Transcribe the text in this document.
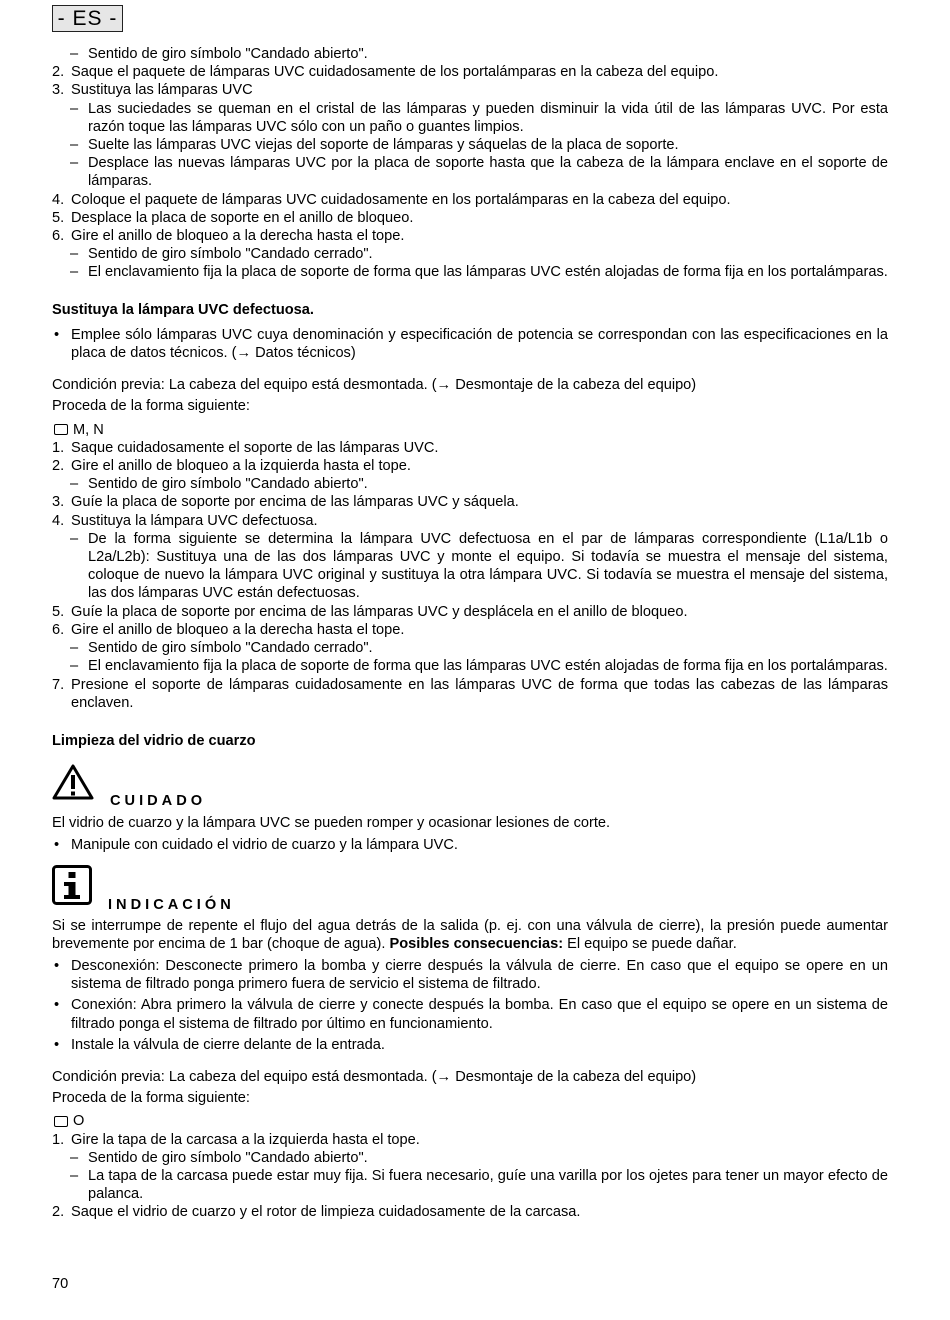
- ES -
– Sentido de giro símbolo "Candado abierto".
2. Saque el paquete de lámparas UVC cuidadosamente de los portalámparas en la cabeza del equipo.
3. Sustituya las lámparas UVC
– Las suciedades se queman en el cristal de las lámparas y pueden disminuir la vida útil de las lámparas UVC. Por esta razón toque las lámparas UVC sólo con un paño o guantes limpios.
– Suelte las lámparas UVC viejas del soporte de lámparas y sáquelas de la placa de soporte.
– Desplace las nuevas lámparas UVC por la placa de soporte hasta que la cabeza de la lámpara enclave en el soporte de lámparas.
4. Coloque el paquete de lámparas UVC cuidadosamente en los portalámparas en la cabeza del equipo.
5. Desplace la placa de soporte en el anillo de bloqueo.
6. Gire el anillo de bloqueo a la derecha hasta el tope.
– Sentido de giro símbolo "Candado cerrado".
– El enclavamiento fija la placa de soporte de forma que las lámparas UVC estén alojadas de forma fija en los portalámparas.
Sustituya la lámpara UVC defectuosa.
• Emplee sólo lámparas UVC cuya denominación y especificación de potencia se correspondan con las especificaciones en la placa de datos técnicos. (→ Datos técnicos)
Condición previa: La cabeza del equipo está desmontada. (→ Desmontaje de la cabeza del equipo)
Proceda de la forma siguiente:
M, N
1. Saque cuidadosamente el soporte de las lámparas UVC.
2. Gire el anillo de bloqueo a la izquierda hasta el tope.
– Sentido de giro símbolo "Candado abierto".
3. Guíe la placa de soporte por encima de las lámparas UVC y sáquela.
4. Sustituya la lámpara UVC defectuosa.
– De la forma siguiente se determina la lámpara UVC defectuosa en el par de lámparas correspondiente (L1a/L1b o L2a/L2b): Sustituya una de las dos lámparas UVC y monte el equipo. Si todavía se muestra el mensaje del sistema, coloque de nuevo la lámpara UVC original y sustituya la otra lámpara UVC. Si todavía se muestra el mensaje del sistema, las dos lámparas UVC están defectuosas.
5. Guíe la placa de soporte por encima de las lámparas UVC y desplácela en el anillo de bloqueo.
6. Gire el anillo de bloqueo a la derecha hasta el tope.
– Sentido de giro símbolo "Candado cerrado".
– El enclavamiento fija la placa de soporte de forma que las lámparas UVC estén alojadas de forma fija en los portalámparas.
7. Presione el soporte de lámparas cuidadosamente en las lámparas UVC de forma que todas las cabezas de las lámparas enclaven.
Limpieza del vidrio de cuarzo
CUIDADO
El vidrio de cuarzo y la lámpara UVC se pueden romper y ocasionar lesiones de corte.
• Manipule con cuidado el vidrio de cuarzo y la lámpara UVC.
INDICACIÓN
Si se interrumpe de repente el flujo del agua detrás de la salida (p. ej. con una válvula de cierre), la presión puede aumentar brevemente por encima de 1 bar (choque de agua). Posibles consecuencias: El equipo se puede dañar.
• Desconexión: Desconecte primero la bomba y cierre después la válvula de cierre. En caso que el equipo se opere en un sistema de filtrado ponga primero fuera de servicio el sistema de filtrado.
• Conexión: Abra primero la válvula de cierre y conecte después la bomba. En caso que el equipo se opere en un sistema de filtrado ponga el sistema de filtrado por último en funcionamiento.
• Instale la válvula de cierre delante de la entrada.
Condición previa: La cabeza del equipo está desmontada. (→ Desmontaje de la cabeza del equipo)
Proceda de la forma siguiente:
O
1. Gire la tapa de la carcasa a la izquierda hasta el tope.
– Sentido de giro símbolo "Candado abierto".
– La tapa de la carcasa puede estar muy fija. Si fuera necesario, guíe una varilla por los ojetes para tener un mayor efecto de palanca.
2. Saque el vidrio de cuarzo y el rotor de limpieza cuidadosamente de la carcasa.
70
